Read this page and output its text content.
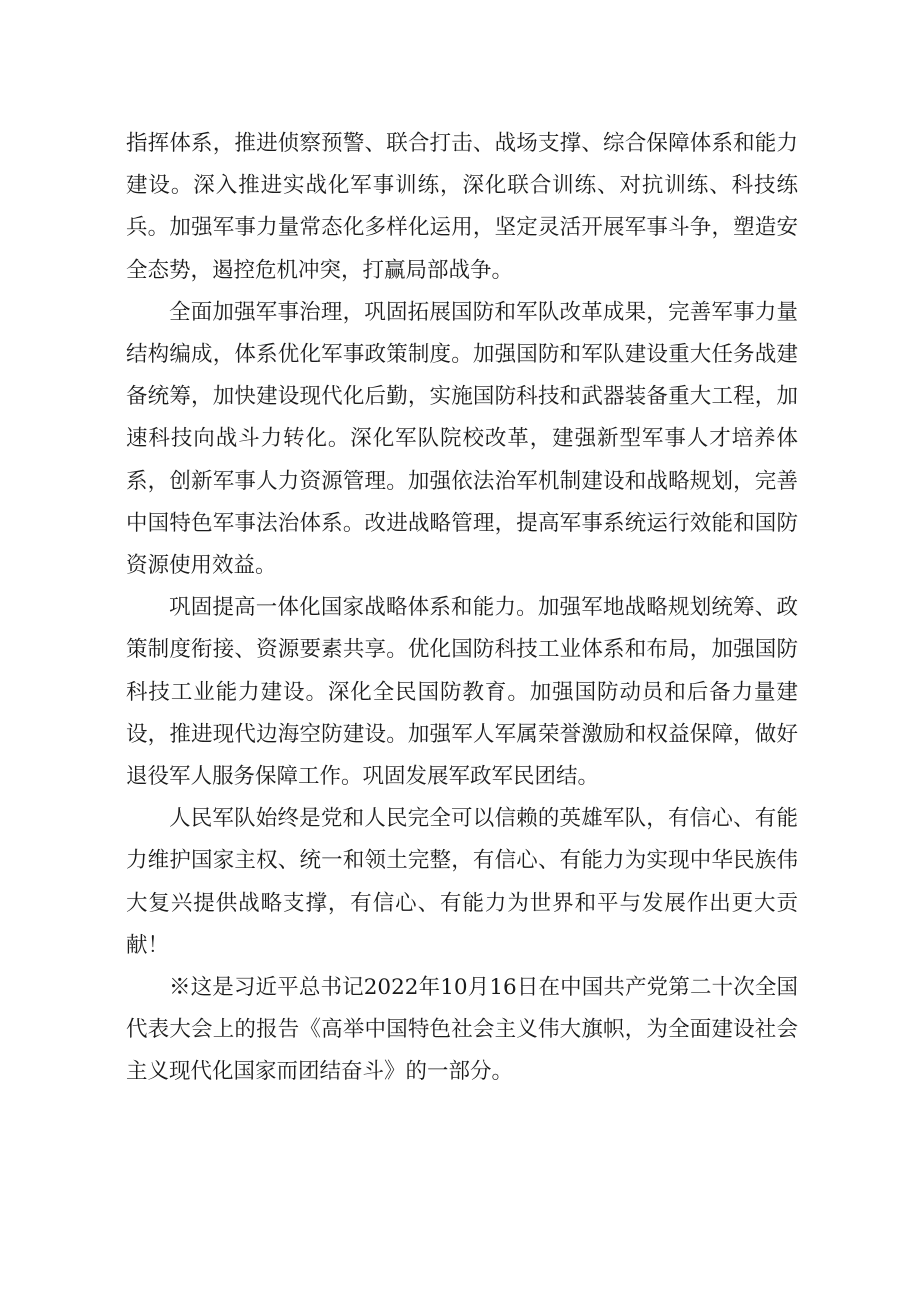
指挥体系，推进侦察预警、联合打击、战场支撑、综合保障体系和能力建设。深入推进实战化军事训练，深化联合训练、对抗训练、科技练兵。加强军事力量常态化多样化运用，坚定灵活开展军事斗争，塑造安全态势，遏控危机冲突，打赢局部战争。

全面加强军事治理，巩固拓展国防和军队改革成果，完善军事力量结构编成，体系优化军事政策制度。加强国防和军队建设重大任务战建备统筹，加快建设现代化后勤，实施国防科技和武器装备重大工程，加速科技向战斗力转化。深化军队院校改革，建强新型军事人才培养体系，创新军事人力资源管理。加强依法治军机制建设和战略规划，完善中国特色军事法治体系。改进战略管理，提高军事系统运行效能和国防资源使用效益。

巩固提高一体化国家战略体系和能力。加强军地战略规划统筹、政策制度衔接、资源要素共享。优化国防科技工业体系和布局，加强国防科技工业能力建设。深化全民国防教育。加强国防动员和后备力量建设，推进现代边海空防建设。加强军人军属荣誉激励和权益保障，做好退役军人服务保障工作。巩固发展军政军民团结。

人民军队始终是党和人民完全可以信赖的英雄军队，有信心、有能力维护国家主权、统一和领土完整，有信心、有能力为实现中华民族伟大复兴提供战略支撑，有信心、有能力为世界和平与发展作出更大贡献！

※这是习近平总书记2022年10月16日在中国共产党第二十次全国代表大会上的报告《高举中国特色社会主义伟大旗帜，为全面建设社会主义现代化国家而团结奋斗》的一部分。
